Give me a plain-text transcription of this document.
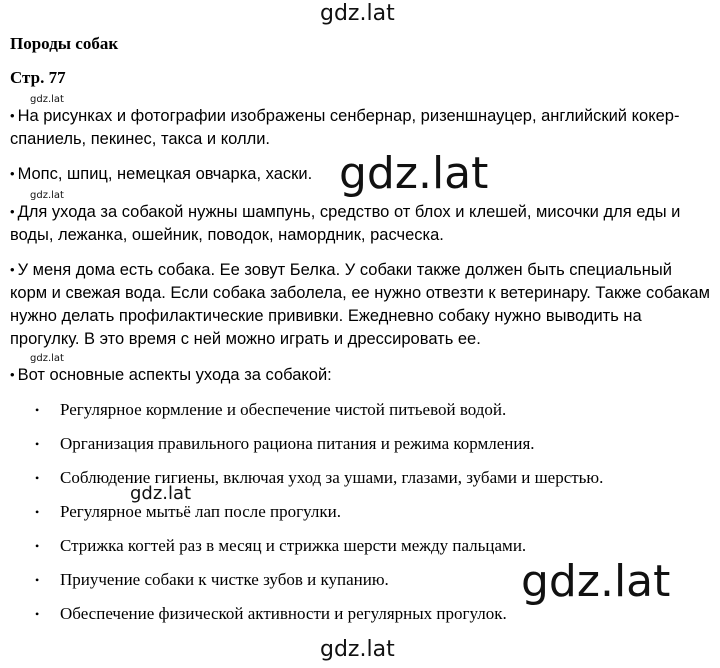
gdz.lat
Породы собак
Стр. 77
gdz.lat
• На рисунках и фотографии изображены сенбернар, ризеншнауцер, английский кокер-спаниель, пекинес, такса и колли.
• Мопс, шпиц, немецкая овчарка, хаски.
gdz.lat
• Для ухода за собакой нужны шампунь, средство от блох и клешей, мисочки для еды и воды, лежанка, ошейник, поводок, намордник, расческа.
• У меня дома есть собака. Ее зовут Белка. У собаки также должен быть специальный корм и свежая вода. Если собака заболела, ее нужно отвезти к ветеринару. Также собакам нужно делать профилактические прививки. Ежедневно собаку нужно выводить на прогулку. В это время с ней можно играть и дрессировать ее.
gdz.lat
• Вот основные аспекты ухода за собакой:
• Регулярное кормление и обеспечение чистой питьевой водой.
• Организация правильного рациона питания и режима кормления.
• Соблюдение гигиены, включая уход за ушами, глазами, зубами и шерстью.
• Регулярное мытьё лап после прогулки.
• Стрижка когтей раз в месяц и стрижка шерсти между пальцами.
• Приучение собаки к чистке зубов и купанию.
• Обеспечение физической активности и регулярных прогулок.
gdz.lat
gdz.lat
gdz.lat
gdz.lat
